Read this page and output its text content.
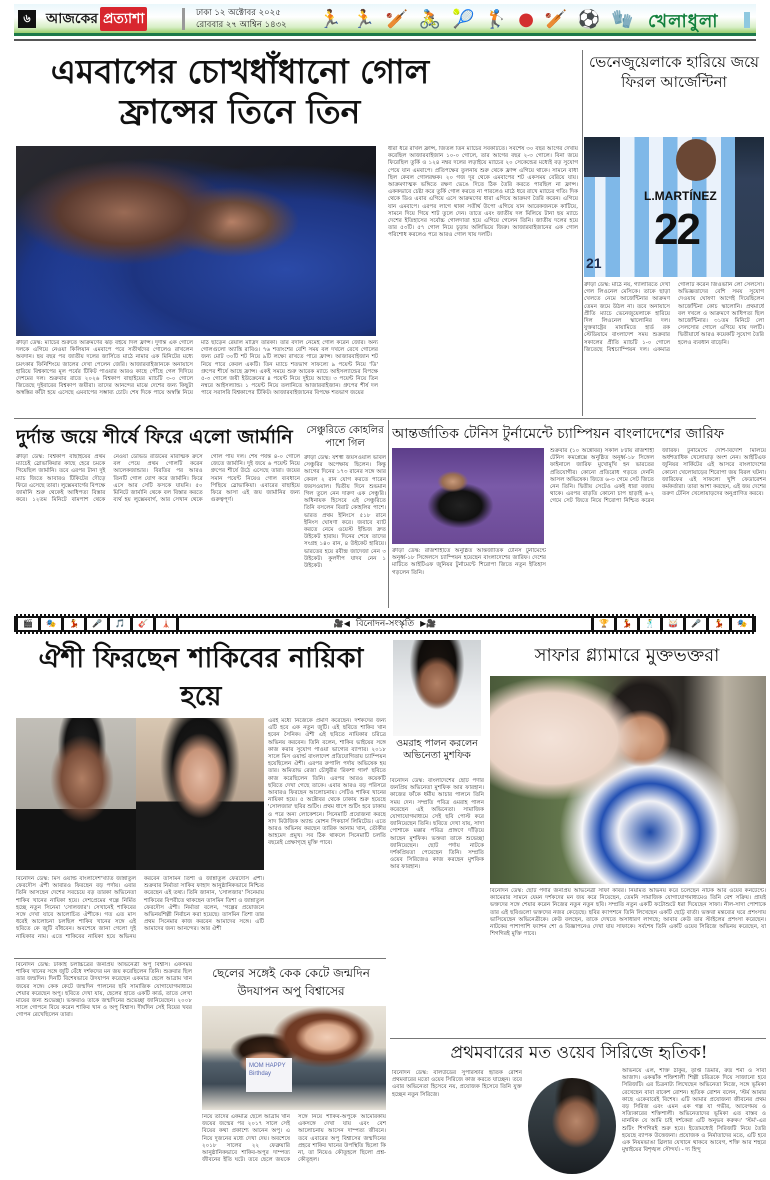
৬	আজকের প্রত্যাশা	ঢাকা ১২ অক্টোবর ২০২৫
রোববার ২৭ আশ্বিন ১৪৩২ 🏃 🏃 🏏 🚴 🎾 🏌 ● 🏏 ⚽ 🧤 খেলাধুলা
এমবাপের চোখধাঁধানো গোল ফ্রান্সের তিনে তিন
ধারা ধরে রাখল ফ্রান্স, জিতল তিন ম্যাচের সবকটিতে। সবশেষ ৩০ বছর আগের দেখায় করেছিল আজারবাইজান ১০-০ গোলে, তার আগের বছর ২-৩ গোলে। বিনা জয়ে ফিরেছিল তুর্কি ও ১২৪ নম্বর দলের লড়াইয়ে ম্যাচের ২০ সেকেন্ডের মধ্যেই বড় সুযোগ পেয়ে যান এমবাপে। প্রতিপক্ষের তুলনায় শুরু থেকে ফ্রান্স এগিয়ে থাকে। সামনে বাধা ছিল কেবল গোলরক্ষক। ২০ গজ দূর থেকে এমবাপের শট একসময় বেরিয়ে যায়। আক্রমণাত্মক ভঙ্গিতে রক্ষণ ভেঙে দিতে ঠিক তৈরি করতে পারছিল না ফ্রান্স। এককভাবে চেষ্টা করে তুর্কি গোল করতে না পারলেও মাঠে ধরে রাখে ম্যাচের গতি। দিক থেকে ডিও এবার এগিয়ে এসে আক্রমণের ধারা এগিয়ে আক্রমণ তৈরি করেন। এগিয়ে যান এমবাপে। এরপর লাগে থাকা সতীর্থ উপো এগিয়ে যান আরেকজনকে কাটিয়ে, সামনে দিয়ে গিয়ে শাট তুলে দেন। তাতে এবং জাতীয় দল মিলিয়ে টানা ছয় ম্যাচে দেশের ইতিহাসের সর্বোচ্চ গোলদাতা হয়ে এগিয়ে গেলেন তিনি। জাতীয় দলের হয়ে তার ৫৩টি। ৫৭ গোল নিয়ে চূড়ায় অলিভিয়ে জিরু। আজারবাইজানের এক গোল পরিশোধ করলেও পরে আরও গোল খায় দলটি।
ক্রীড়া ডেস্ক: ম্যাচের শুরুতে আক্রমণের ঝড় বইয়ে দিল ফ্রান্স। দুর্দান্ত এক গোলে দলকে এগিয়ে নেওয়া কিলিয়ান এমবাপে পরে সতীর্থদের গোলেও রাখলেন অবদান। ছয় বছর পর জাতীয় দলের জার্সিতে মাঠে নামার এক মিনিটের মধ্যে চমৎকার ফিনিশিংয়ে জালের দেখা পেলেন জেরি। আজারবাইজানকে অনায়াসে হারিয়ে বিশ্বকাপের মূল পর্বের টিকিট পাওয়ার আরও কাছে পৌঁছে গেল দিদিয়ে দেশমের দল। শুক্রবার রাতে ২০২৬ বিশ্বকাপ বাছাইয়ের ম্যাচটি ৩-০ গোলে জিতেছে দুইবারের বিশ্বকাপ জয়ীরা। তাদের আনন্দের মাঝে দেশের জন্য কিছুটা অস্বস্তির কাঁটা হয়ে এসেছে এমবাপের সম্ভাব্য চোট। শেষ দিকে পায়ে অস্বস্তি নিয়ে মাঠ ছাড়েন রেয়াল মাদ্রিদ তারকা। তার বদলি নেমেই গোল করেন জেরি। অন্য গোলগুলো অ্যান্ত্রি রাবিও। ৭৬ শতাংশের বেশি সময় বল দখলে রেখে গোলের জন্য মোট ৩০টি শট নিয়ে ৯টি লক্ষ্যে রাখতে পারে ফ্রান্স। আজারবাইজান শট নিয়ে পারে কেবল একটি। তিন ম্যাচে শতভাগ সাফল্যে ৯ পয়েন্ট নিয়ে 'ডি' গ্রুপের শীর্ষে আছে ফ্রান্স। একই সময়ে শুরু আরেক ম্যাচে আইসল্যান্ডের বিপক্ষে ৫-৩ গোলে জয়ী ইউক্রেনের ৪ পয়েন্ট নিয়ে দুইয়ে আছে। ৩ পয়েন্ট নিয়ে তিন নম্বরে আইসল্যান্ড। ১ পয়েন্ট নিয়ে তলানিতে আজারবাইজান। গ্রুপের শীর্ষ দল পাবে সরাসরি বিশ্বকাপের টিকিট। আজারবাইজানের বিপক্ষে শতভাগ জয়ের
ভেনেজুয়েলাকে হারিয়ে জয়ে ফিরল আর্জেন্টিনা
21
L.MARTÍNEZ
22
ক্রীড়া ডেস্ক: মাঠে নয়, গ্যালারিতে দেখা গেল লিওনেল মেসিকে। তাকে ছাড়া খেলতে নেমে আর্জেন্টিনার আক্রমণ তেমন জমে উঠল না। তবে অনায়াসে প্রীতি ম্যাচে ভেনেজুয়েলাকে হারিয়ে দিল লিওনেল স্কালোনির দল। যুক্তরাষ্ট্রের মায়ামিতে হার্ড রক স্টেডিয়ামে বাংলাদেশ সময় শুক্রবার সকালের প্রীতি ম্যাচটি ১-০ গোলে জিতেছে বিশ্বচ্যাম্পিয়ন দল। একমাত্র গোলটি করেন জিওভানি লো সেলসো। অভিজ্ঞতাদের বেশি সময় সুযোগ দেওয়ায় ঘোষণা আগেই দিয়েছিলেন আর্জেন্টিনা কোচ স্কালোনি। প্রথমার্ধে বল দখলে ও আক্রমণে আধিপত্য ছিল আর্জেন্টিনার। ৩১তম মিনিটে লো সেলসোর গোলে এগিয়ে যায় দলটি। দ্বিতীয়ার্ধে আরও কয়েকটি সুযোগ তৈরি হলেও ব্যবধান বাড়েনি।
দুর্দান্ত জয়ে শীর্ষে ফিরে এলো জার্মানি
ক্রীড়া ডেস্ক: বিশ্বকাপ বাছাইয়ের প্রথম ম্যাচেই স্লোভাকিয়ার কাছে হেরে চমকে গিয়েছিল জার্মানি। তবে এরপর টানা দুই ম্যাচ জিতে আবারও টিকিটের দৌড়ে ফিরে এসেছে তারা। লুক্সেমবার্গের বিপক্ষে জার্মানি শুরু থেকেই আধিপত্য বিস্তার করে। ১২তম মিনিটে বামপাশ থেকে নেওয়া ডেভিড রাউমের মারাত্মক ক্রসে বল পেয়ে প্রথম গোলটি করেন আলেকজান্ডার। বিরতির পর আরও তিনটি গোল যোগ করে জার্মানি। ফিরে এসে আর সেটি ফসকে যায়নি। ৫০ মিনিটে জার্মানি থেকে বল বিস্তার করতে ব্যর্থ হয় লুক্সেমবার্গ, আর সেখান থেকে গোল পায় দল। শেষ পর্যন্ত ৪-০ গোলে জেতে জার্মানি। দুই জয়ে ৬ পয়েন্ট নিয়ে গ্রুপের শীর্ষে উঠে এসেছে তারা। জয়ের সমান পয়েন্ট নিয়েও গোল ব্যবধানে পিছিয়ে স্লোভাকিয়া। এবারের বাছাইয়ে ফিরে আসা এই জয় জার্মানির জন্য গুরুত্বপূর্ণ।
সেঞ্চুরিতে কোহলির পাশে গিল
ক্রীড়া ডেস্ক: যশস্বী জয়সওয়াল ভাবল সেঞ্চুরির অপেক্ষায় ছিলেন। কিন্তু আগের দিনের ১৭৩ রানের সঙ্গে আর কেবল ২ রান যোগ করতে পারেন জয়সওয়াল। দ্বিতীয় দিনে শুভমান গিল তুলে নেন দারুণ এক সেঞ্চুরি। অধিনায়ক হিসেবে এই সেঞ্চুরিতে তিনি বসলেন বিরাট কোহলির পাশে। ভারত প্রথম ইনিংসে ৫১৮ রানে ইনিংস ঘোষণা করে। জবাবে ব্যাট করতে নেমে ওয়েস্ট ইন্ডিজ দ্রুত উইকেট হারায়। দিনের শেষে তাদের সংগ্রহ ১৪০ রান, ৪ উইকেট হারিয়ে। ভারতের হয়ে রবীন্দ্র জাদেজা নেন ৩ উইকেট। কুলদীপ যাদব নেন ১ উইকেট।
আন্তর্জাতিক টেনিস টুর্নামেন্টে চ্যাম্পিয়ন বাংলাদেশের জারিফ
শুক্রবার (১০ অক্টোবর) সকাল ৮টায় রাজশাহী টেনিস কমপ্লেক্সে অনুষ্ঠিত অনূর্ধ্ব-১৮ সিঙ্গেল ফাইনালে জারিফ মুখোমুখি হন ভারতের প্রতিযোগীর। কোনো প্রতিরোধ গড়তে দেননি আসল অভিষেক। জিতে ৬-৩ গেমে সেট জিতে নেন তিনি। দ্বিতীয় সেটেও একই ধারা বজায় থাকে। এরপর বাড়তি কোনো চাপ ছাড়াই ৬-২ গেমে সেট জিতে নিয়ে শিরোপা নিশ্চিত করেন জারিফ। টুর্নামেন্টে দেশি-বিদেশি মিলিয়ে অর্ধশতাধিক খেলোয়াড় অংশ নেন। আইটিএফ জুনিয়র সার্কিটের এই আসরে বাংলাদেশের কোনো খেলোয়াড়ের শিরোপা জয় বিরল ঘটনা। জারিফের এই সাফল্যে খুশি ফেডারেশন কর্মকর্তারা। তারা আশা করছেন, এই জয় দেশের তরুণ টেনিস খেলোয়াড়দের অনুপ্রাণিত করবে।
ক্রীড়া ডেস্ক: রাজশাহীতে অনুষ্ঠিত আন্তর্জাতিক টেনিস টুর্নামেন্টে অনূর্ধ্ব-১৮ সিঙ্গেলসে চ্যাম্পিয়ন হয়েছেন বাংলাদেশের জারিফ। দেশের মাটিতে আইটিএফ জুনিয়র টুর্নামেন্টে শিরোপা জিতে নতুন ইতিহাস গড়লেন তিনি।
🎬	🎭	💃	🎤	🎵	🎸	🗼	🎥◀ বিনোদন-সংস্কৃতি ▶🎥	🏆	💃	🕺	🥁	🎤	💃	🎭
ঐশী ফিরছেন শাকিবের নায়িকা হয়ে
এরই মধ্যে নিজেকে প্রমাণ করেছেন। দর্শকদের জন্য এটি হবে এক নতুন জুটি। এই ছবিতে শাকিব খান হবেন সৈনিক। ঐশী এই ছবিতে নায়িকার চরিত্রে অভিনয় করবেন। তিনি বলেন, শাকিব ভাইয়ের সঙ্গে কাজ করার সুযোগ পাওয়া ভাগ্যের ব্যাপার। ২০১৮ সালে মিস ওয়ার্ল্ড বাংলাদেশ প্রতিযোগিতায় চ্যাম্পিয়ন হয়েছিলেন ঐশী। এরপর রুপালি পর্দায় অভিষেক হয় তার। অমিতাভ রেজা চৌধুরীর 'রিকশা গার্ল' ছবিতে কাজ করেছিলেন তিনি। এরপর আরও কয়েকটি ছবিতে দেখা গেছে তাকে। এবার আরও বড় পরিসরে আবারও ফিরছেন আলোচনায়। সেটিও শাকিব খানের নায়িকা হয়ে। ৫ অক্টোবর থেকে ঢাকায় শুরু হয়েছে 'সোলজার' ছবির শুটিং। প্রথম ধাপে শুটিং হবে ঢাকায় ও পরে অন্য লোকেশনে। সিনেমাটি প্রযোজনা করছে সাদ মিউজিক অ্যান্ড মোশন পিকচার্স লিমিটেড। এতে আরও অভিনয় করছেন তারিক আনাম খান, তৌকীর আহমেদ প্রমুখ। সব ঠিক থাকলে সিনেমাটি চলতি বছরেই প্রেক্ষাগৃহে মুক্তি পাবে।
বিনোদন ডেস্ক: মিস ওয়ার্ল্ড বাংলাদেশ'খ্যাত জান্নাতুল ফেরদৌস ঐশী আবারও ফিরছেন বড় পর্দায়। এবার তিনি আসছেন দেশের সবচেয়ে বড় তারকা অভিনেতা শাকিব খানের নায়িকা হয়ে। দেশপ্রেমের গল্পে নির্মিত হচ্ছে নতুন সিনেমা 'সোলজার'। সেখানেই শাকিবের সঙ্গে দেখা যাবে আলোচিত ঐশীকে। গত এত মাস ধরেই আলোচনা চলছিল শাকিব খানের সঙ্গে এই ছবিতে কে জুটি বাঁধবেন। অবশেষে জানা গেলো দুই নায়িকার নাম। এতে শাকিবের নায়িকা হয়ে অভিনয় করবেন তাসমিন তিশা ও জান্নাতুল ফেরদৌস ঐশী। শুক্রবার নির্মাতা সাকিব ফাহাদ আনুষ্ঠানিকভাবে নিশ্চিত করেছেন এই তথ্য। তিনি জানান, 'সোলজার' সিনেমায় শাকিবের বিপরীতে থাকছেন তাসমিন তিশা ও জান্নাতুল ফেরদৌস ঐশী। নির্মাতা বলেন, 'গল্পের প্রয়োজনে অভিনয়শিল্পী নির্বাচন করা হয়েছে। তাসমিন তিশা তার প্রথম সিনেমার কাজ করবেন আমাদের সঙ্গে। এটি আমাদের জন্য আনন্দের। আর ঐশী
ওমরাহ পালন করলেন অভিনেতা মুশফিক
বিনোদন ডেস্ক: বাংলাদেশের ছোট পর্দার জনপ্রিয় অভিনেতা মুশফিক আর ফারহান। কাজের ফাঁকে ধর্মীয় আচার পালনে তিনি সময় দেন। সম্প্রতি পবিত্র ওমরাহ পালন করেছেন এই অভিনেতা। সামাজিক যোগাযোগমাধ্যমে সেই ছবি পোস্ট করে জানিয়েছেন তিনি। ছবিতে দেখা যায়, সাদা পোশাকে মক্কার পবিত্র প্রাঙ্গণে দাঁড়িয়ে আছেন মুশফিক। ভক্তরা তাকে শুভেচ্ছা জানিয়েছেন। ছোট পর্দায় নাটকে দর্শকপ্রিয়তা পেয়েছেন তিনি। সম্প্রতি ওয়েব সিরিজেও কাজ করছেন মুশফিক আর ফারহান।
সাফার গ্ল্যামারে মুক্তভক্তরা
বিনোদন ডেস্ক: ছোট পর্দার জনপ্রিয় অভিনেত্রী সাফা কবির। নিয়মিত অভিনয় করে চলেছেন নাটক আর ওয়েব কনটেন্টে। ক্যামেরার সামনে যেমন দর্শকদের মন জয় করে নিয়েছেন, তেমনি সামাজিক যোগাযোগমাধ্যমেও তিনি বেশ সক্রিয়। প্রায়ই ভক্তদের সঙ্গে শেয়ার করেন নিজের নতুন নতুন ছবি। সম্প্রতি নতুন একটি ফটোশুটে ধরা দিয়েছেন সাফা। নীল-সাদা পোশাকে তার এই ছবিগুলো ভক্তদের নজর কেড়েছে। ছবির ক্যাপশনে তিনি লিখেছেন একটি ছোট্ট বার্তা। ভক্তরা মন্তব্যের ঘরে প্রশংসায় ভাসিয়েছেন অভিনেত্রীকে। কেউ বলছেন, তাকে দেখতে অসাধারণ লাগছে; আবার কেউ তার স্টাইলের প্রশংসা করেছেন। নাটকের পাশাপাশি ফ্যাশন শো ও বিজ্ঞাপনেও দেখা যায় সাফাকে। সর্বশেষ তিনি একটি ওয়েব সিরিজে অভিনয় করেছেন, যা শিগগিরই মুক্তি পাবে।
বিনোদন ডেস্ক: ঢাকাই চলচ্চিত্রের জনপ্রিয় অভিনেত্রী অপু বিশ্বাস। একসময় শাকিব খানের সঙ্গে জুটি বেঁধে দর্শকদের মন জয় করেছিলেন তিনি। শুক্রবার ছিল তার জন্মদিন। দিনটি বিশেষভাবে উদযাপন করেছেন একমাত্র ছেলে আব্রাম খান জয়ের সঙ্গে। কেক কেটে জন্মদিন পালনের ছবি সামাজিক যোগাযোগমাধ্যমে শেয়ার করেছেন অপু। ছবিতে দেখা যায়, ছেলের হাতে একটি কার্ড, তাতে লেখা মায়ের জন্য শুভেচ্ছা। ভক্তরাও তাকে জন্মদিনের শুভেচ্ছা জানিয়েছেন। ২০০৮ সালে গোপনে বিয়ে করেন শাকিব খান ও অপু বিশ্বাস। দীর্ঘদিন সেই বিয়ের খবর গোপন রেখেছিলেন তারা।
ছেলের সঙ্গেই কেক কেটে জন্মদিন উদযাপন অপু বিশ্বাসের
MOM HAPPY Birthday
নিয়ে তাদের একমাত্র ছেলে আব্রাম খান জয়ের জন্মের পর ২০১৭ সালে সেই বিয়ের কথা প্রকাশ্যে আনেন অপু। এ নিয়ে দুজনের মধ্যে দেখা দেয়। অবশেষে ২০১৮ সালের ২২ ফেব্রুয়ারি আনুষ্ঠানিকভাবে শাকিব-অপুর দাম্পত্য জীবনের ইতি ঘটে। তবে ছেলে জয়কে সঙ্গে নিয়ে শাকিব-অপুকে আমেরিকায় একসঙ্গে দেখা যায় এবং বেশ আলোচনায় আসেন দাম্পত্য জীবনে। তবে এবারের অপু বিশ্বাসের জন্মদিনের প্রহরে শাকিব খানের উপস্থিতি ছিলো কি না, তা নিয়েও কৌতূহলে ছিলো প্রশ্ন-কৌতূহল।
প্রথমবারের মত ওয়েব সিরিজে হৃতিক!
বিনোদন ডেস্ক: বলিউডের সুপারস্টার হৃতিক রোশন প্রথমবারের মতো ওয়েব সিরিজে কাজ করতে যাচ্ছেন। তবে এবার অভিনেতা হিসেবে নয়, প্রযোজক হিসেবে তিনি যুক্ত হচ্ছেন নতুন সিরিজে।
অভিনয়ে এল, শক্তি ঠাকুর, তৃপ্তি ডিমরি, রুদ্র শর্মা ও সাবা আজাদ। একঝাঁক শক্তিশালী শিল্পী চরিত্রকে দিয়ে সাজানো হবে সিরিজটি। এর চিত্রনাট্য লিখেছেন অভিনেতা নিজে, সঙ্গে ভূমিকা রেখেছেন বাবা রাকেশ রোশন। হৃতিক রোশন বলেন, 'স্টর্ম আমার কাছে একেবারেই বিশেষ। এটি আমার প্রযোজনা জীবনের প্রথম বড় সিরিজ এবং এমন এক গল্প যা গভীর, আবেগময় ও সত্যিকারের শক্তিশালী। অভিনেতাদের ভূমিকা এত বাস্তব ও মানবিক যে আমি চাই দর্শকেরা এটি অনুভব করুক।' 'স্টর্ম'-এর শুটিং শিগগিরই শুরু হবে। ইতোমধ্যেই সিরিজটি নিয়ে তৈরি হয়েছে ব্যাপক উত্তেজনা। প্রযোজক ও নির্মাতাদের মতে, এটি হবে এক নিয়মভাঙা থ্রিলার যেখানে থাকবে আবেগ, শক্তি আর শহুরে মুম্বাইয়ের বিশৃঙ্খল সৌন্দর্য। - দ্য হিন্দু
